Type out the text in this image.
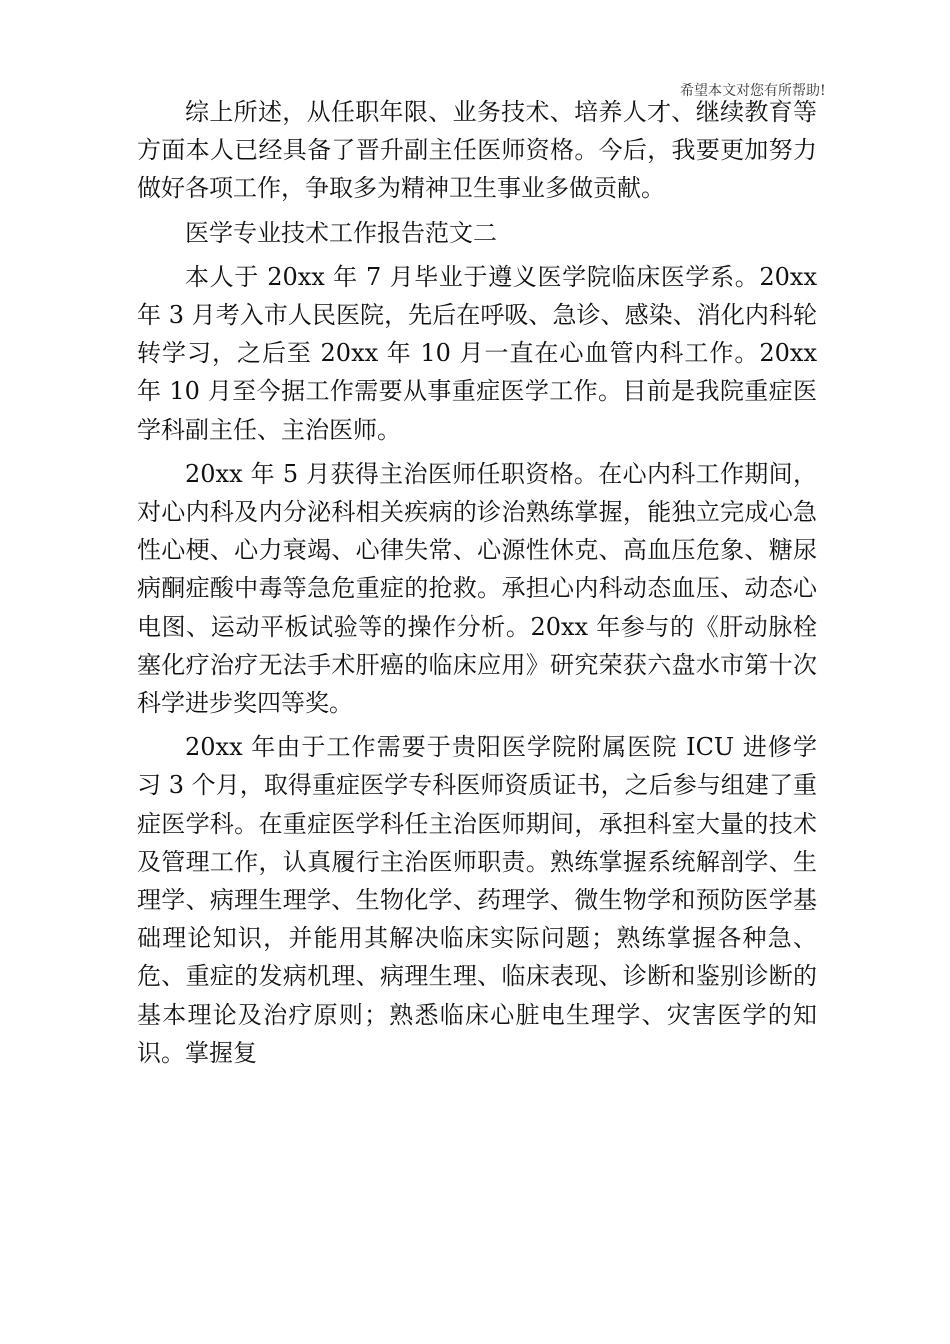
希望本文对您有所帮助!

综上所述，从任职年限、业务技术、培养人才、继续教育等方面本人已经具备了晋升副主任医师资格。今后，我要更加努力做好各项工作，争取多为精神卫生事业多做贡献。

医学专业技术工作报告范文二

本人于 20xx 年 7 月毕业于遵义医学院临床医学系。20xx 年 3 月考入市人民医院，先后在呼吸、急诊、感染、消化内科轮转学习，之后至 20xx 年 10 月一直在心血管内科工作。20xx 年 10 月至今据工作需要从事重症医学工作。目前是我院重症医学科副主任、主治医师。

20xx 年 5 月获得主治医师任职资格。在心内科工作期间，对心内科及内分泌科相关疾病的诊治熟练掌握，能独立完成心急性心梗、心力衰竭、心律失常、心源性休克、高血压危象、糖尿病酮症酸中毒等急危重症的抢救。承担心内科动态血压、动态心电图、运动平板试验等的操作分析。20xx 年参与的《肝动脉栓塞化疗治疗无法手术肝癌的临床应用》研究荣获六盘水市第十次科学进步奖四等奖。

20xx 年由于工作需要于贵阳医学院附属医院 ICU 进修学习 3 个月，取得重症医学专科医师资质证书，之后参与组建了重症医学科。在重症医学科任主治医师期间，承担科室大量的技术及管理工作，认真履行主治医师职责。熟练掌握系统解剖学、生理学、病理生理学、生物化学、药理学、微生物学和预防医学基础理论知识，并能用其解决临床实际问题；熟练掌握各种急、危、重症的发病机理、病理生理、临床表现、诊断和鉴别诊断的基本理论及治疗原则；熟悉临床心脏电生理学、灾害医学的知识。掌握复
